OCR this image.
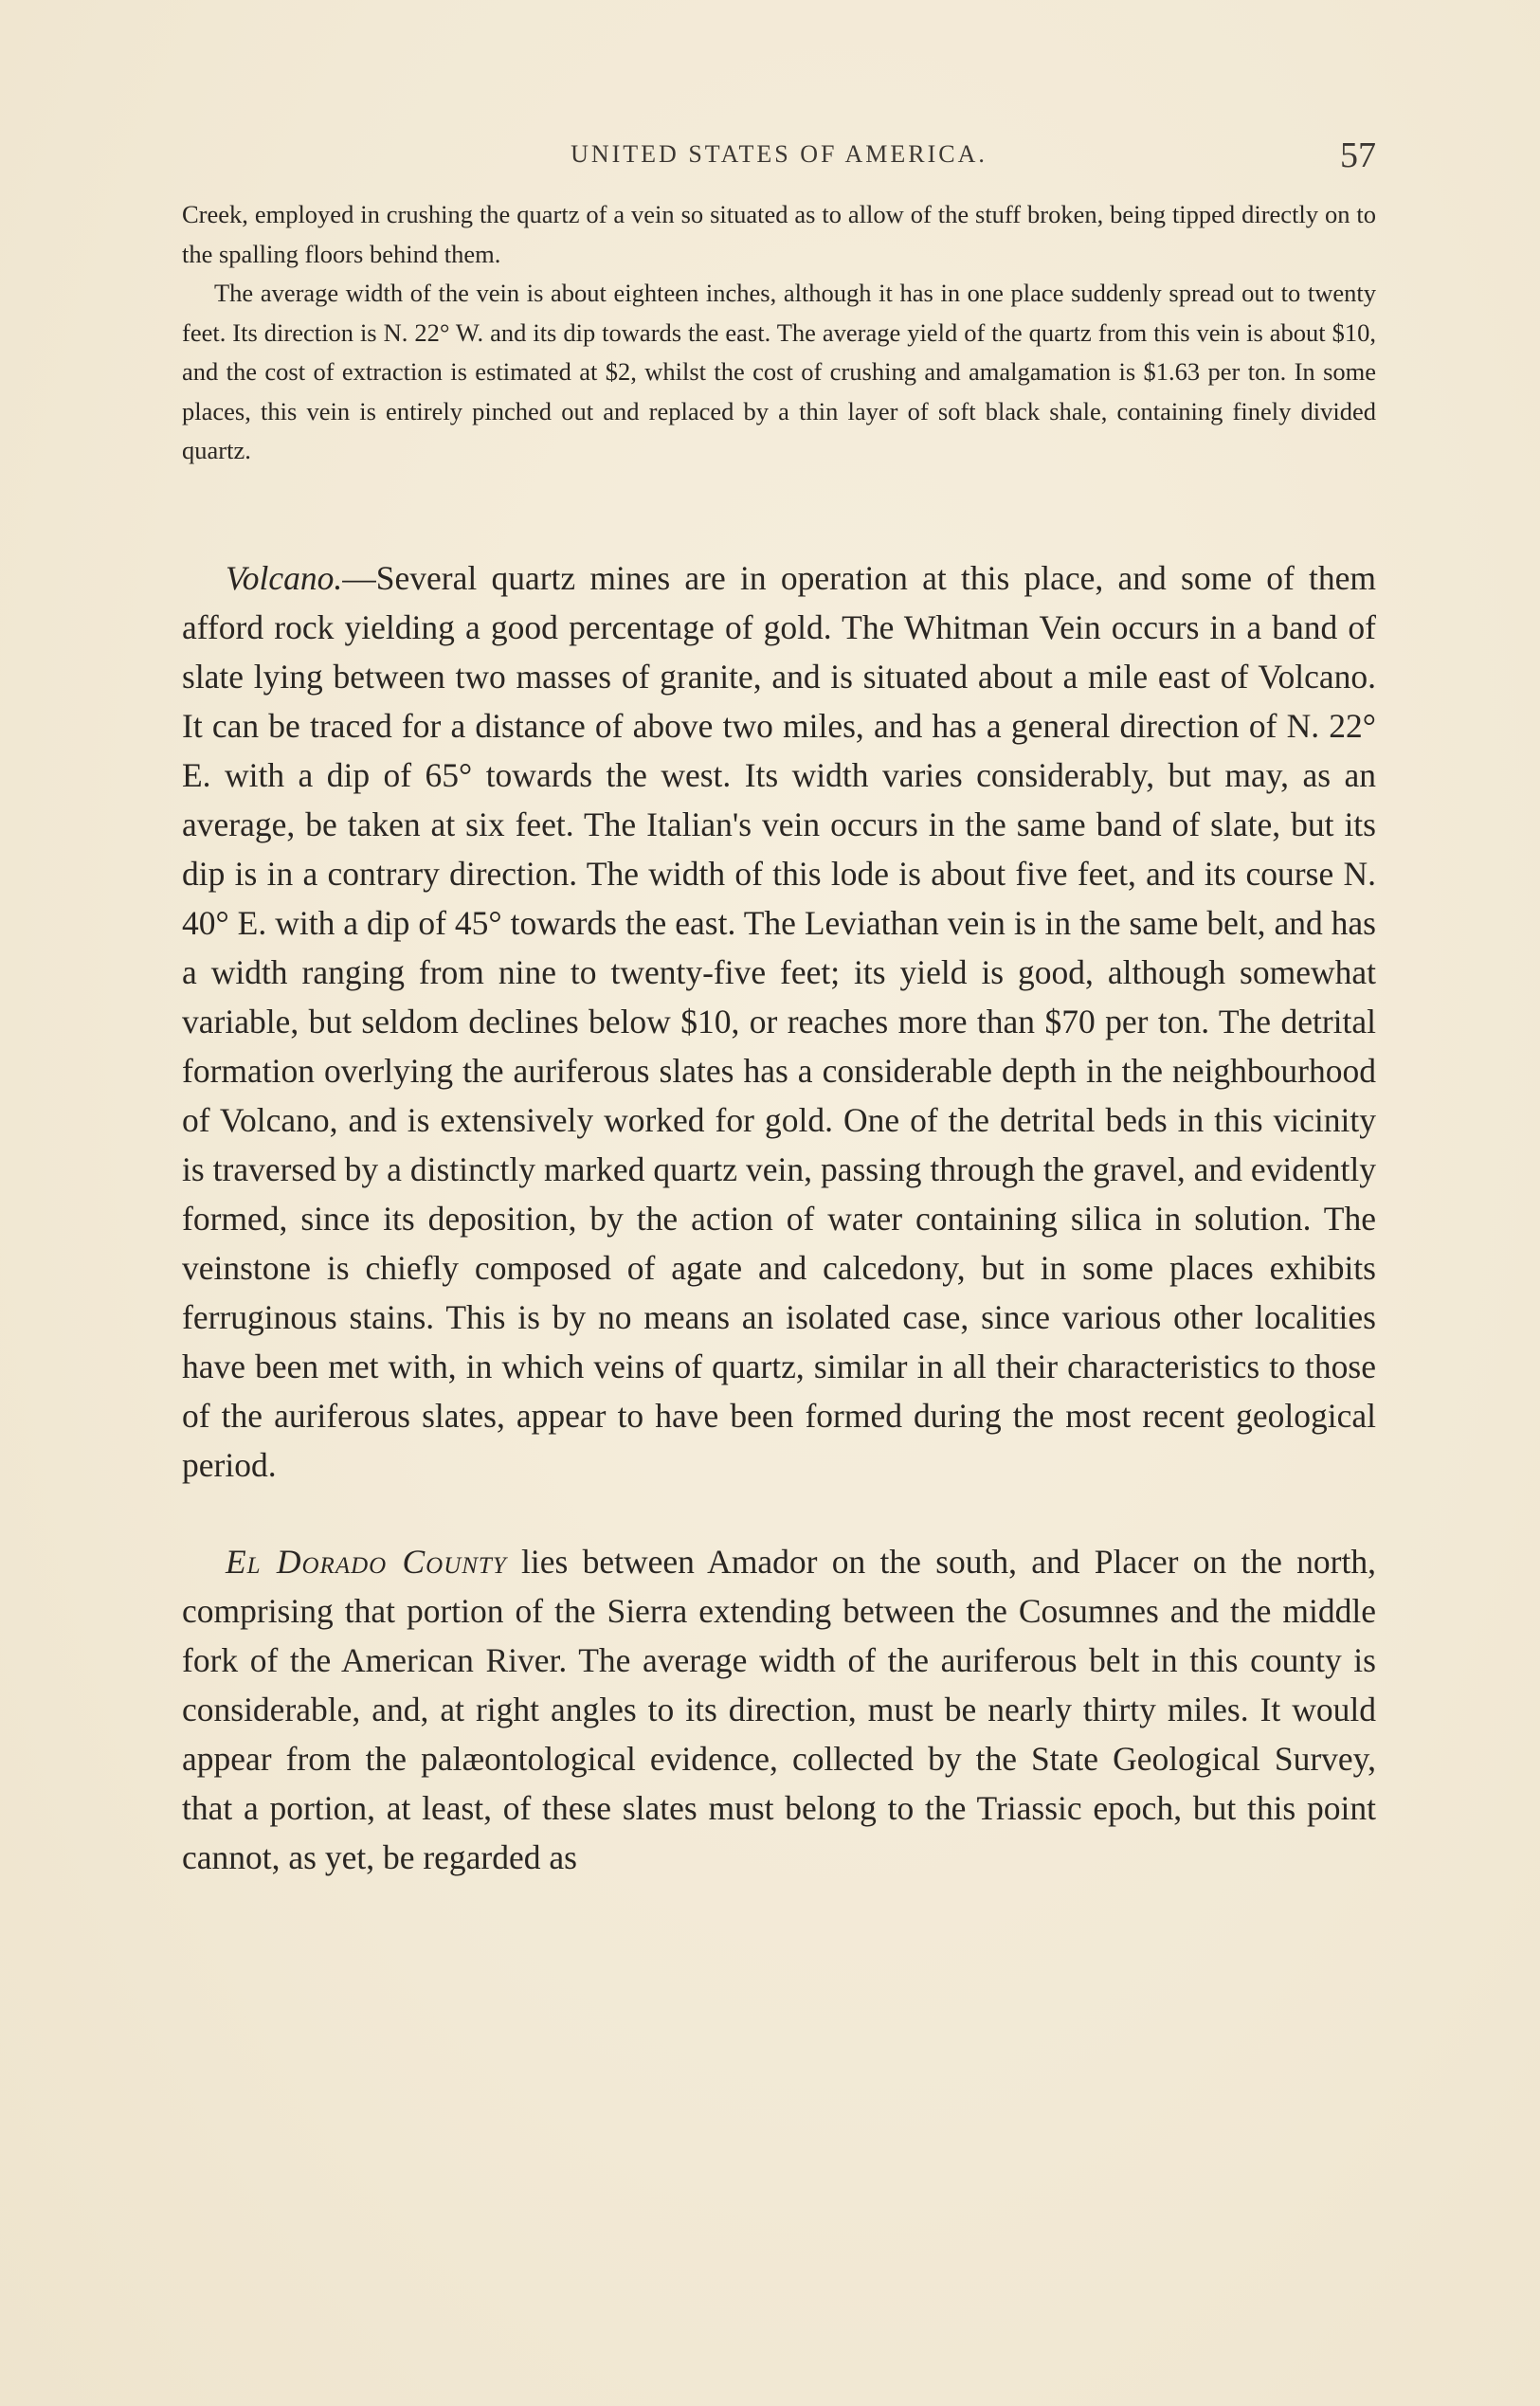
UNITED STATES OF AMERICA.	57

Creek, employed in crushing the quartz of a vein so situated as to allow of the stuff broken, being tipped directly on to the spalling floors behind them.

The average width of the vein is about eighteen inches, although it has in one place suddenly spread out to twenty feet. Its direction is N. 22° W. and its dip towards the east. The average yield of the quartz from this vein is about $10, and the cost of extraction is estimated at $2, whilst the cost of crushing and amalgamation is $1.63 per ton. In some places, this vein is entirely pinched out and replaced by a thin layer of soft black shale, containing finely divided quartz.

Volcano.—Several quartz mines are in operation at this place, and some of them afford rock yielding a good percentage of gold. The Whitman Vein occurs in a band of slate lying between two masses of granite, and is situated about a mile east of Volcano. It can be traced for a distance of above two miles, and has a general direction of N. 22° E. with a dip of 65° towards the west. Its width varies considerably, but may, as an average, be taken at six feet. The Italian's vein occurs in the same band of slate, but its dip is in a contrary direction. The width of this lode is about five feet, and its course N. 40° E. with a dip of 45° towards the east. The Leviathan vein is in the same belt, and has a width ranging from nine to twenty-five feet; its yield is good, although somewhat variable, but seldom declines below $10, or reaches more than $70 per ton. The detrital formation overlying the auriferous slates has a considerable depth in the neighbourhood of Volcano, and is extensively worked for gold. One of the detrital beds in this vicinity is traversed by a distinctly marked quartz vein, passing through the gravel, and evidently formed, since its deposition, by the action of water containing silica in solution. The veinstone is chiefly composed of agate and calcedony, but in some places exhibits ferruginous stains. This is by no means an isolated case, since various other localities have been met with, in which veins of quartz, similar in all their characteristics to those of the auriferous slates, appear to have been formed during the most recent geological period.

El Dorado County lies between Amador on the south, and Placer on the north, comprising that portion of the Sierra extending between the Cosumnes and the middle fork of the American River. The average width of the auriferous belt in this county is considerable, and, at right angles to its direction, must be nearly thirty miles. It would appear from the palæontological evidence, collected by the State Geological Survey, that a portion, at least, of these slates must belong to the Triassic epoch, but this point cannot, as yet, be regarded as
